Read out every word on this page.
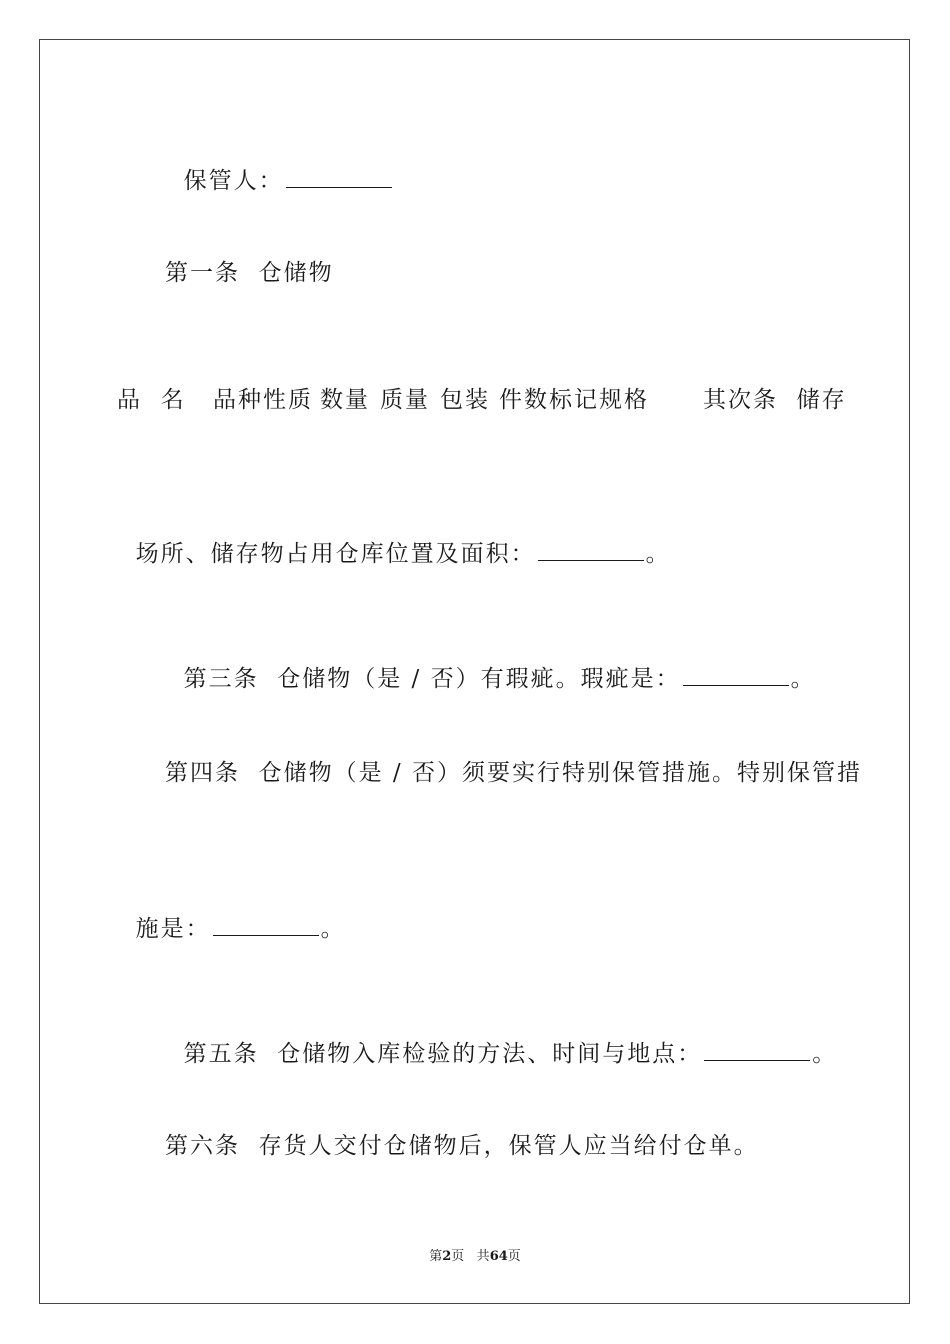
保管人：

第一条  仓储物
品  名 品种性质 数量 质量 包装 件数标记规格 其次条  储存

场所、储存物占用仓库位置及面积：	。

第三条  仓储物（是 / 否）有瑕疵。瑕疵是：	。

第四条  仓储物（是 / 否）须要实行特别保管措施。特别保管措

施是：	。

第五条  仓储物入库检验的方法、时间与地点：	。

第六条  存货人交付仓储物后，保管人应当给付仓单。
第2页 共64页
